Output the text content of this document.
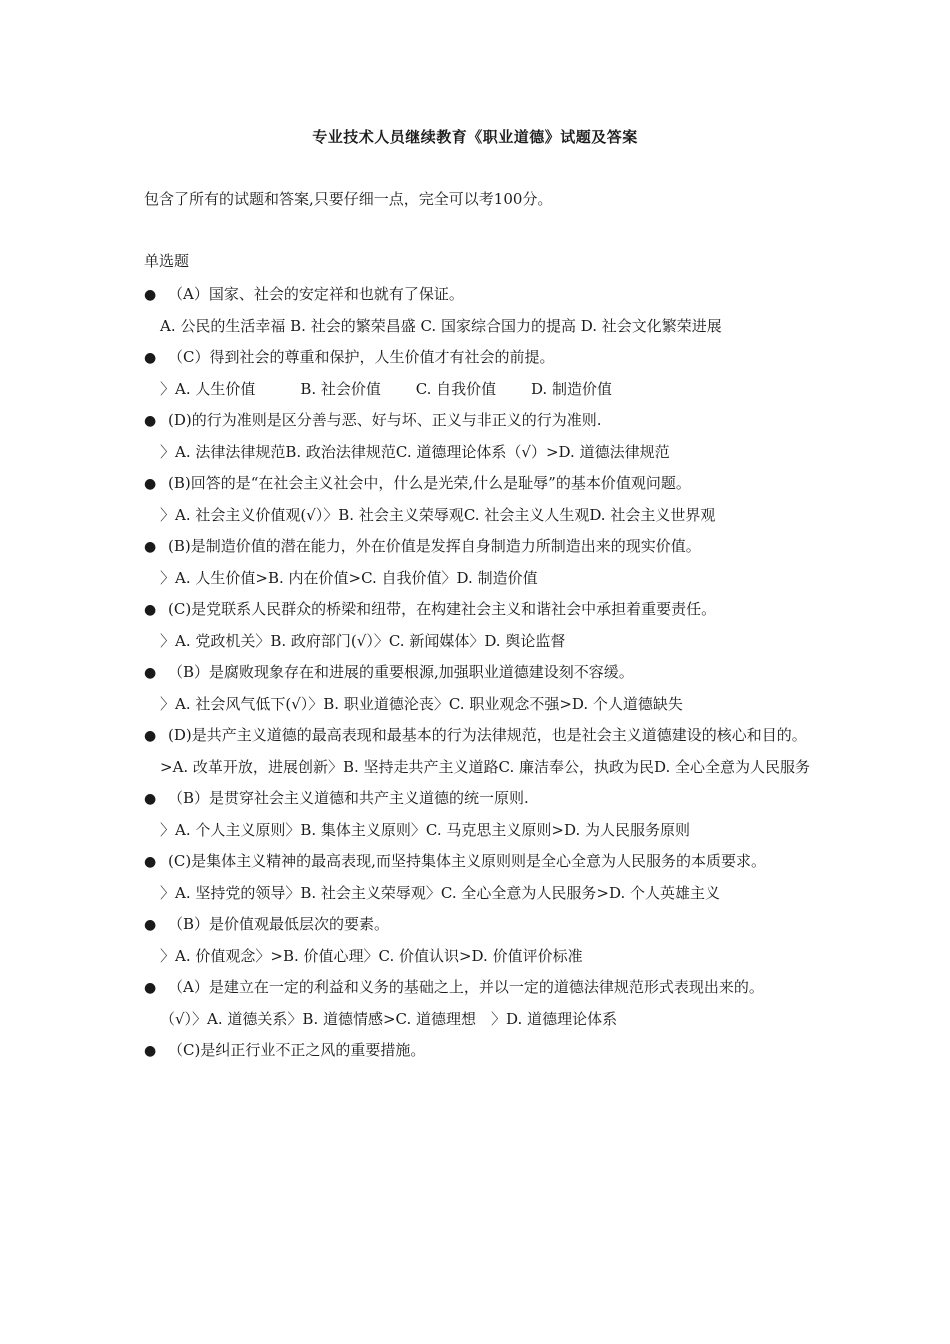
专业技术人员继续教育《职业道德》试题及答案
包含了所有的试题和答案,只要仔细一点，完全可以考100分。
单选题
● （A）国家、社会的安定祥和也就有了保证。
A. 公民的生活幸福 B. 社会的繁荣昌盛 C. 国家综合国力的提高 D. 社会文化繁荣进展
● （C）得到社会的尊重和保护，人生价值才有社会的前提。
〉A. 人生价值　　　B. 社会价值　　 C. 自我价值　　 D. 制造价值
● (D)的行为准则是区分善与恶、好与坏、正义与非正义的行为准则.
〉A. 法律法律规范B. 政治法律规范C. 道德理论体系（√）>D. 道德法律规范
● (B)回答的是“在社会主义社会中，什么是光荣,什么是耻辱”的基本价值观问题。
〉A. 社会主义价值观(√）〉B. 社会主义荣辱观C. 社会主义人生观D. 社会主义世界观
● (B)是制造价值的潜在能力，外在价值是发挥自身制造力所制造出来的现实价值。
〉A. 人生价值>B. 内在价值>C. 自我价值〉D. 制造价值
● (C)是党联系人民群众的桥梁和纽带，在构建社会主义和谐社会中承担着重要责任。
〉A. 党政机关〉B. 政府部门(√）〉C. 新闻媒体〉D. 舆论监督
● （B）是腐败现象存在和进展的重要根源,加强职业道德建设刻不容缓。
〉A. 社会风气低下(√）〉B. 职业道德沦丧〉C. 职业观念不强>D. 个人道德缺失
● (D)是共产主义道德的最高表现和最基本的行为法律规范，也是社会主义道德建设的核心和目的。
>A. 改革开放，进展创新〉B. 坚持走共产主义道路C. 廉洁奉公，执政为民D. 全心全意为人民服务
● （B）是贯穿社会主义道德和共产主义道德的统一原则.
〉A. 个人主义原则〉B. 集体主义原则〉C. 马克思主义原则>D. 为人民服务原则
● (C)是集体主义精神的最高表现,而坚持集体主义原则则是全心全意为人民服务的本质要求。
〉A. 坚持党的领导〉B. 社会主义荣辱观〉C. 全心全意为人民服务>D. 个人英雄主义
● （B）是价值观最低层次的要素。
〉A. 价值观念〉>B. 价值心理〉C. 价值认识>D. 价值评价标准
● （A）是建立在一定的利益和义务的基础之上，并以一定的道德法律规范形式表现出来的。
（√）〉A. 道德关系〉B. 道德情感>C. 道德理想　〉D. 道德理论体系
● （C)是纠正行业不正之风的重要措施。
